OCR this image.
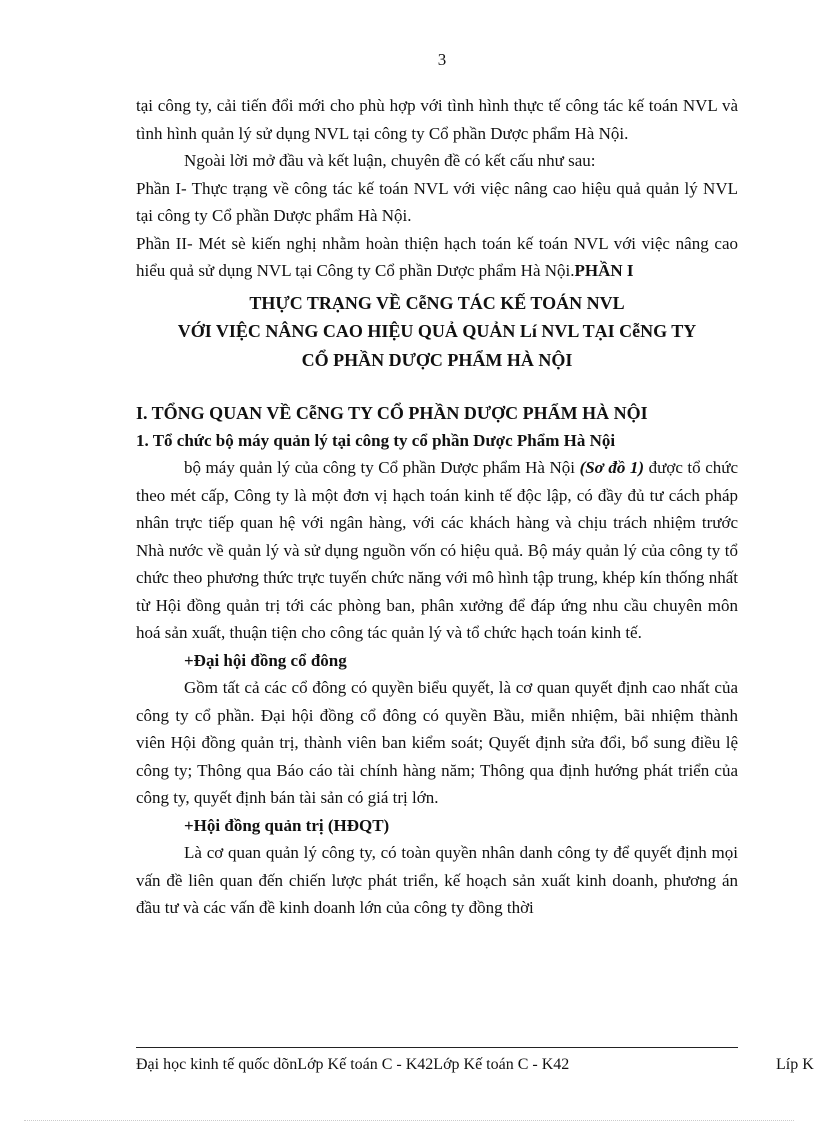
3

tại công ty, cải tiến đổi mới cho phù hợp với tình hình thực tế công tác kế toán NVL và tình hình quản lý sử dụng NVL tại công ty Cổ phần Dược phẩm Hà Nội.

Ngoài lời mở đầu và kết luận, chuyên đề có kết cấu như sau:

Phần I- Thực trạng về công tác kế toán NVL với việc nâng cao hiệu quả quản lý NVL tại công ty Cổ phần Dược phẩm Hà Nội.

Phần II- Mét sè kiến nghị nhằm hoàn thiện hạch toán kế toán NVL với việc nâng cao hiểu quả sử dụng NVL tại Công ty Cổ phần Dược phẩm Hà Nội.PHẦN I

THỰC TRẠNG VỀ CễNG TÁC KẾ TOÁN NVL
VỚI VIỆC NÂNG CAO HIỆU QUẢ QUẢN Lí NVL TẠI CễNG TY
CỔ PHẦN DƯỢC PHẨM HÀ NỘI
I. TỔNG QUAN VỀ CễNG TY CỔ PHẦN DƯỢC PHẨM HÀ NỘI
1. Tổ chức bộ máy quản lý tại công ty cổ phần Dược Phẩm Hà Nội

bộ máy quản lý của công ty Cổ phần Dược phẩm Hà Nội (Sơ đồ 1) được tổ chức theo mét cấp, Công ty là một đơn vị hạch toán kinh tế độc lập, có đầy đủ tư cách pháp nhân trực tiếp quan hệ với ngân hàng, với các khách hàng và chịu trách nhiệm trước Nhà nước về quản lý và sử dụng nguồn vốn có hiệu quả. Bộ máy quản lý của công ty tổ chức theo phương thức trực tuyến chức năng với mô hình tập trung, khép kín thống nhất từ Hội đồng quản trị tới các phòng ban, phân xưởng để đáp ứng nhu cầu chuyên môn hoá sản xuất, thuận tiện cho công tác quản lý và tổ chức hạch toán kinh tế.

+Đại hội đồng cổ đông

Gồm tất cả các cổ đông có quyền biểu quyết, là cơ quan quyết định cao nhất của công ty cổ phần. Đại hội đồng cổ đông có quyền Bầu, miễn nhiệm, bãi nhiệm thành viên Hội đồng quản trị, thành viên ban kiểm soát; Quyết định sửa đổi, bổ sung điều lệ công ty; Thông qua Báo cáo tài chính hàng năm; Thông qua định hướng phát triển của công ty, quyết định bán tài sản có giá trị lớn.

+Hội đồng quản trị (HĐQT)

Là cơ quan quản lý công ty, có toàn quyền nhân danh công ty để quyết định mọi vấn đề liên quan đến chiến lược phát triển, kế hoạch sản xuất kinh doanh, phương án đầu tư và các vấn đề kinh doanh lớn của công ty đồng thời

Đại học kinh tế quốc dõnLớp Kế toán C - K42Lớp Kế toán C - K42	Líp K
